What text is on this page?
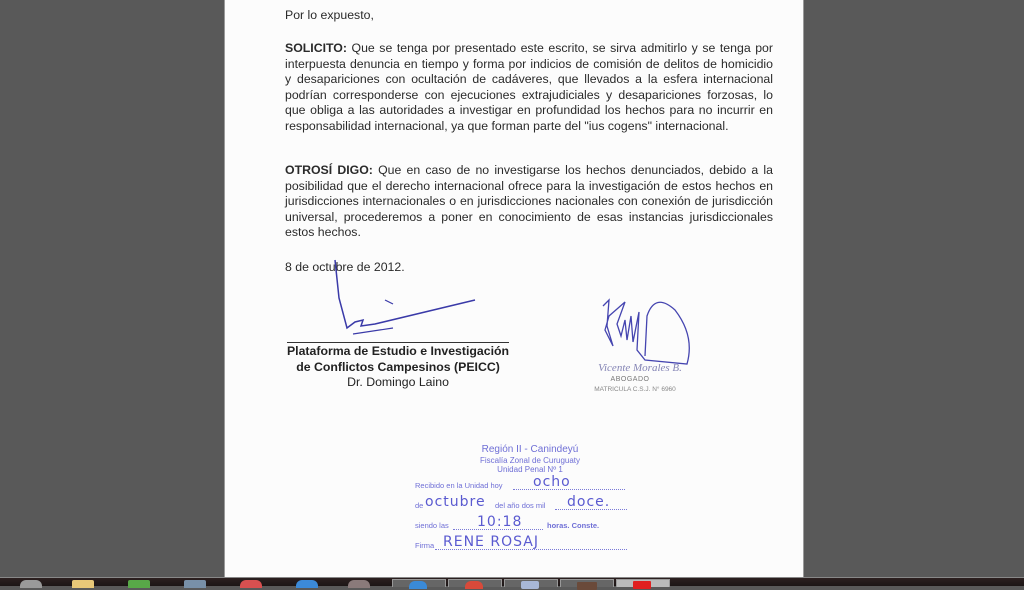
Por lo expuesto,
SOLICITO: Que se tenga por presentado este escrito, se sirva admitirlo y se tenga por interpuesta denuncia en tiempo y forma por indicios de comisión de delitos de homicidio y desapariciones con ocultación de cadáveres, que llevados a la esfera internacional podrían corresponderse con ejecuciones extrajudiciales y desapariciones forzosas, lo que obliga a las autoridades a investigar en profundidad los hechos para no incurrir en responsabilidad internacional, ya que forman parte del "ius cogens" internacional.
OTROSÍ DIGO: Que en caso de no investigarse los hechos denunciados, debido a la posibilidad que el derecho internacional ofrece para la investigación de estos hechos en jurisdicciones internacionales o en jurisdicciones nacionales con conexión de jurisdicción universal, procederemos a poner en conocimiento de esas instancias jurisdiccionales estos hechos.
8 de octubre de 2012.
Plataforma de Estudio e Investigación
de Conflictos Campesinos (PEICC)
Dr. Domingo Laino
Vicente Morales B.
ABOGADO
MATRICULA C.S.J. N° 6960
Región II - Canindeyú
Fiscalía Zonal de Curuguaty
Unidad Penal Nº 1
Recibido en la Unidad hoy ocho
de octubre del año dos mil doce.
siendo las 10:18	horas. Conste.
Firma RENE ROSAJ
